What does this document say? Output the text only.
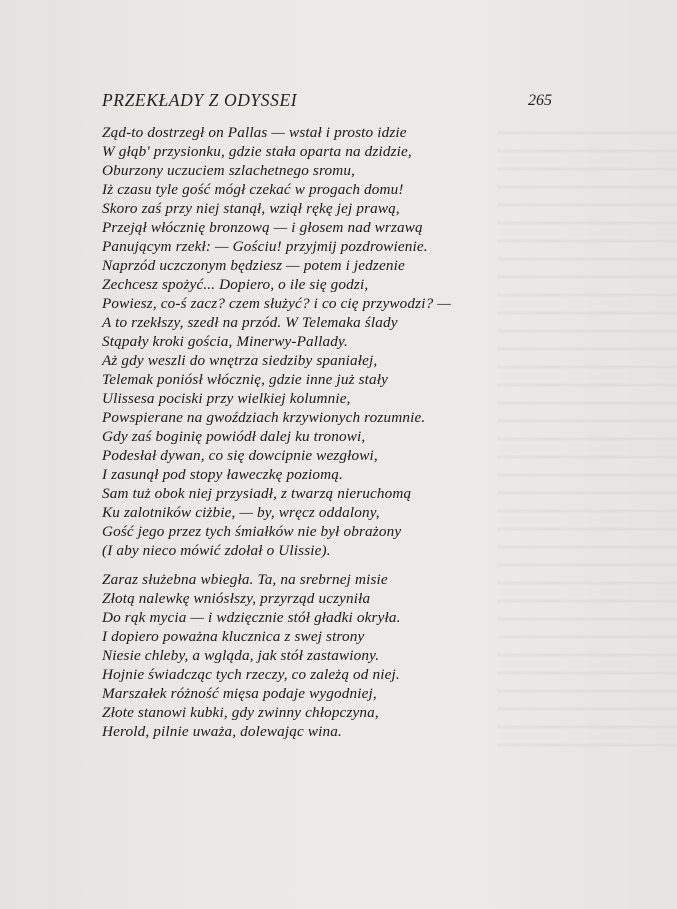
PRZEKŁADY Z ODYSSEI	265
Ząd-to dostrzegł on Pallas — wstał i prosto idzie
W głąb' przysionku, gdzie stała oparta na dzidzie,
Oburzony uczuciem szlachetnego sromu,
Iż czasu tyle gość mógł czekać w progach domu!
Skoro zaś przy niej stanął, wziął rękę jej prawą,
Przejął włócznię bronzową — i głosem nad wrzawą
Panującym rzekł: — Gościu! przyjmij pozdrowienie.
Naprzód uczczonym będziesz — potem i jedzenie
Zechcesz spożyć... Dopiero, o ile się godzi,
Powiesz, co-ś zacz? czem służyć? i co cię przywodzi? —
A to rzekłszy, szedł na przód. W Telemaka ślady
Stąpały kroki gościa, Minerwy-Pallady.
Aż gdy weszli do wnętrza siedziby spaniałej,
Telemak poniósł włócznię, gdzie inne już stały
Ulissesa pociski przy wielkiej kolumnie,
Powspierane na gwoździach krzywionych rozumnie.
Gdy zaś boginię powiódł dalej ku tronowi,
Podesłał dywan, co się dowcipnie wezgłowi,
I zasunął pod stopy ławeczkę poziomą.
Sam tuż obok niej przysiadł, z twarzą nieruchomą
Ku zalotników ciżbie, — by, wręcz oddalony,
Gość jego przez tych śmiałków nie był obrażony
(I aby nieco mówić zdołał o Ulissie).
Zaraz służebna wbiegła. Ta, na srebrnej misie
Złotą nalewkę wniósłszy, przyrząd uczyniła
Do rąk mycia — i wdzięcznie stół gładki okryła.
I dopiero poważna klucznica z swej strony
Niesie chleby, a wgląda, jak stół zastawiony.
Hojnie świadcząc tych rzeczy, co zależą od niej.
Marszałek różność mięsa podaje wygodniej,
Złote stanowi kubki, gdy zwinny chłopczyna,
Herold, pilnie uważa, dolewając wina.
